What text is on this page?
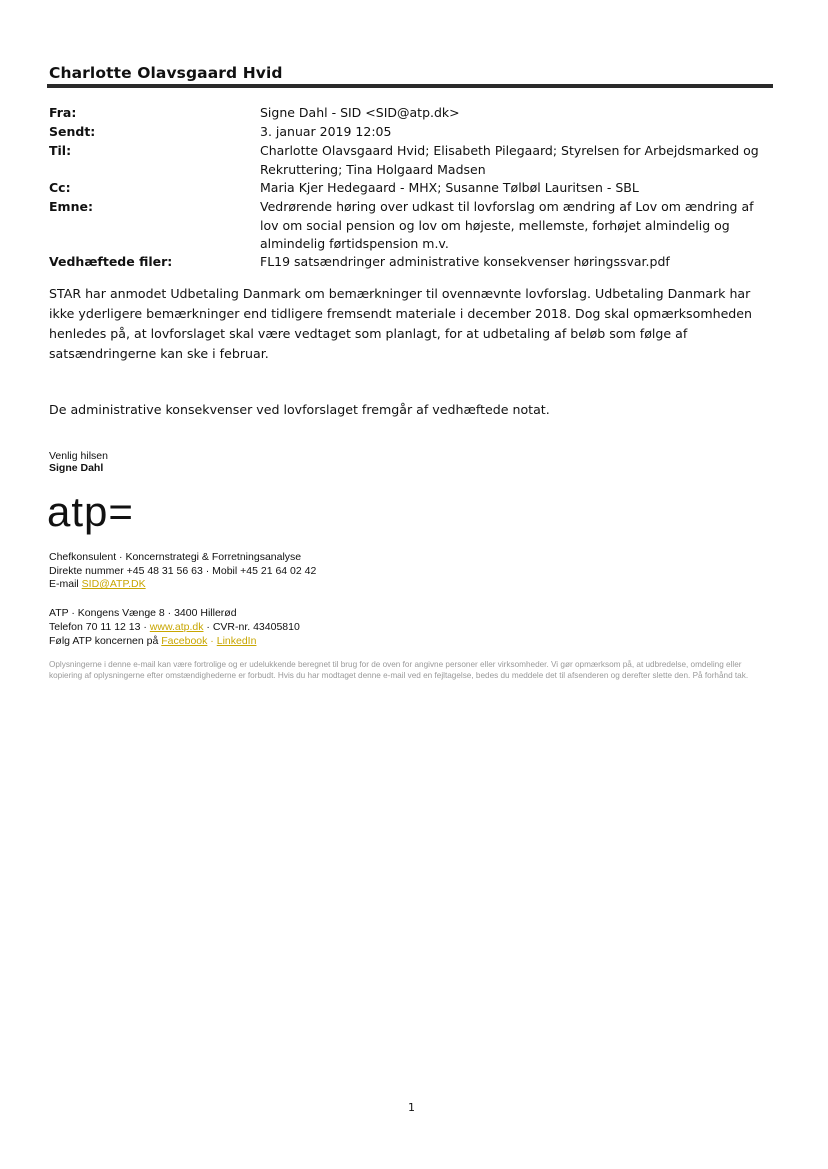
Charlotte Olavsgaard Hvid
Fra:	Signe Dahl - SID <SID@atp.dk>
Sendt:	3. januar 2019 12:05
Til:	Charlotte Olavsgaard Hvid; Elisabeth Pilegaard; Styrelsen for Arbejdsmarked og Rekruttering; Tina Holgaard Madsen
Cc:	Maria Kjer Hedegaard - MHX; Susanne Tølbøl Lauritsen - SBL
Emne:	Vedrørende høring over udkast til lovforslag om ændring af Lov om ændring af lov om social pension og lov om højeste, mellemste, forhøjet almindelig og almindelig førtidspension m.v.
Vedhæftede filer:	FL19 satsændringer administrative konsekvenser høringssvar.pdf
STAR har anmodet Udbetaling Danmark om bemærkninger til ovennævnte lovforslag. Udbetaling Danmark har ikke yderligere bemærkninger end tidligere fremsendt materiale i december 2018. Dog skal opmærksomheden henledes på, at lovforslaget skal være vedtaget som planlagt, for at udbetaling af beløb som følge af satsændringerne kan ske i februar.
De administrative konsekvenser ved lovforslaget fremgår af vedhæftede notat.
Venlig hilsen
Signe Dahl
atp=
Chefkonsulent · Koncernstrategi & Forretningsanalyse
Direkte nummer +45 48 31 56 63 · Mobil +45 21 64 02 42
E-mail SID@ATP.DK
ATP · Kongens Vænge 8 · 3400 Hillerød
Telefon 70 11 12 13 · www.atp.dk · CVR-nr. 43405810
Følg ATP koncernen på Facebook · LinkedIn
Oplysningerne i denne e-mail kan være fortrolige og er udelukkende beregnet til brug for de oven for angivne personer eller virksomheder. Vi gør opmærksom på, at udbredelse, omdeling eller kopiering af oplysningerne efter omstændighederne er forbudt. Hvis du har modtaget denne e-mail ved en fejltagelse, bedes du meddele det til afsenderen og derefter slette den. På forhånd tak.
1
